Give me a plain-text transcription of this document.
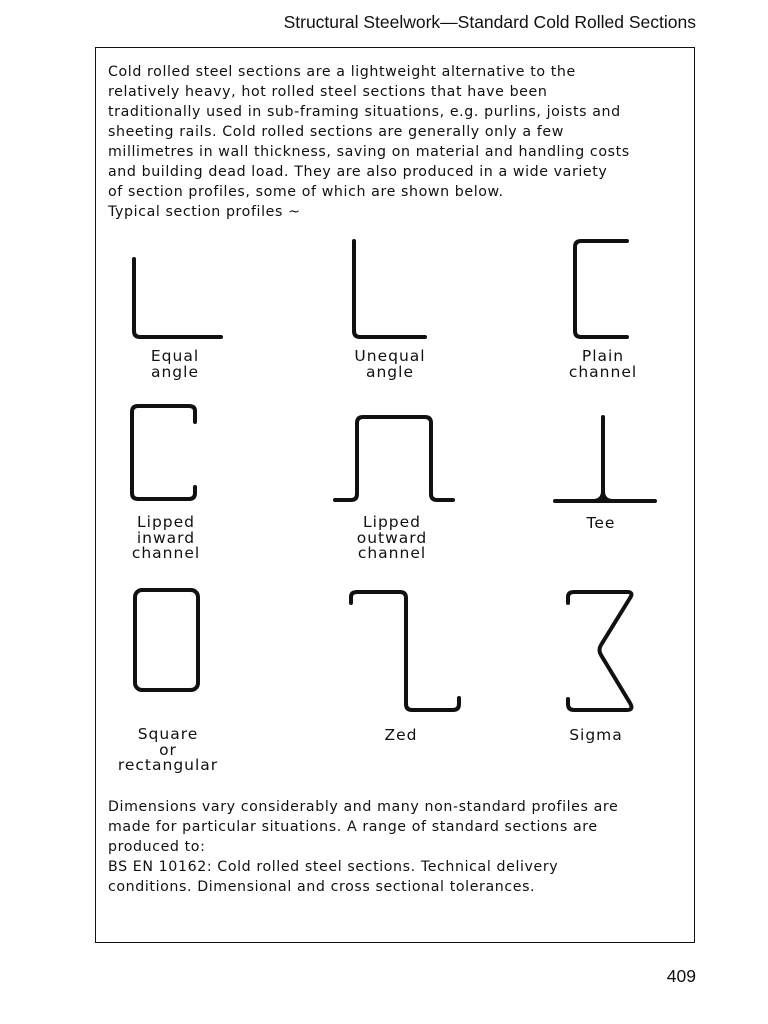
Structural Steelwork—Standard Cold Rolled Sections
Cold rolled steel sections are a lightweight alternative to the
relatively heavy, hot rolled steel sections that have been
traditionally used in sub-framing situations, e.g. purlins, joists and
sheeting rails. Cold rolled sections are generally only a few
millimetres in wall thickness, saving on material and handling costs
and building dead load. They are also produced in a wide variety
of section profiles, some of which are shown below.
Typical section profiles ~
Equal
angle
Unequal
angle
Plain
channel
Lipped
inward
channel
Lipped
outward
channel
Tee
Square
or
rectangular
Zed	Sigma
Dimensions vary considerably and many non-standard profiles are
made for particular situations. A range of standard sections are
produced to:
BS EN 10162: Cold rolled steel sections. Technical delivery
conditions. Dimensional and cross sectional tolerances.
409
